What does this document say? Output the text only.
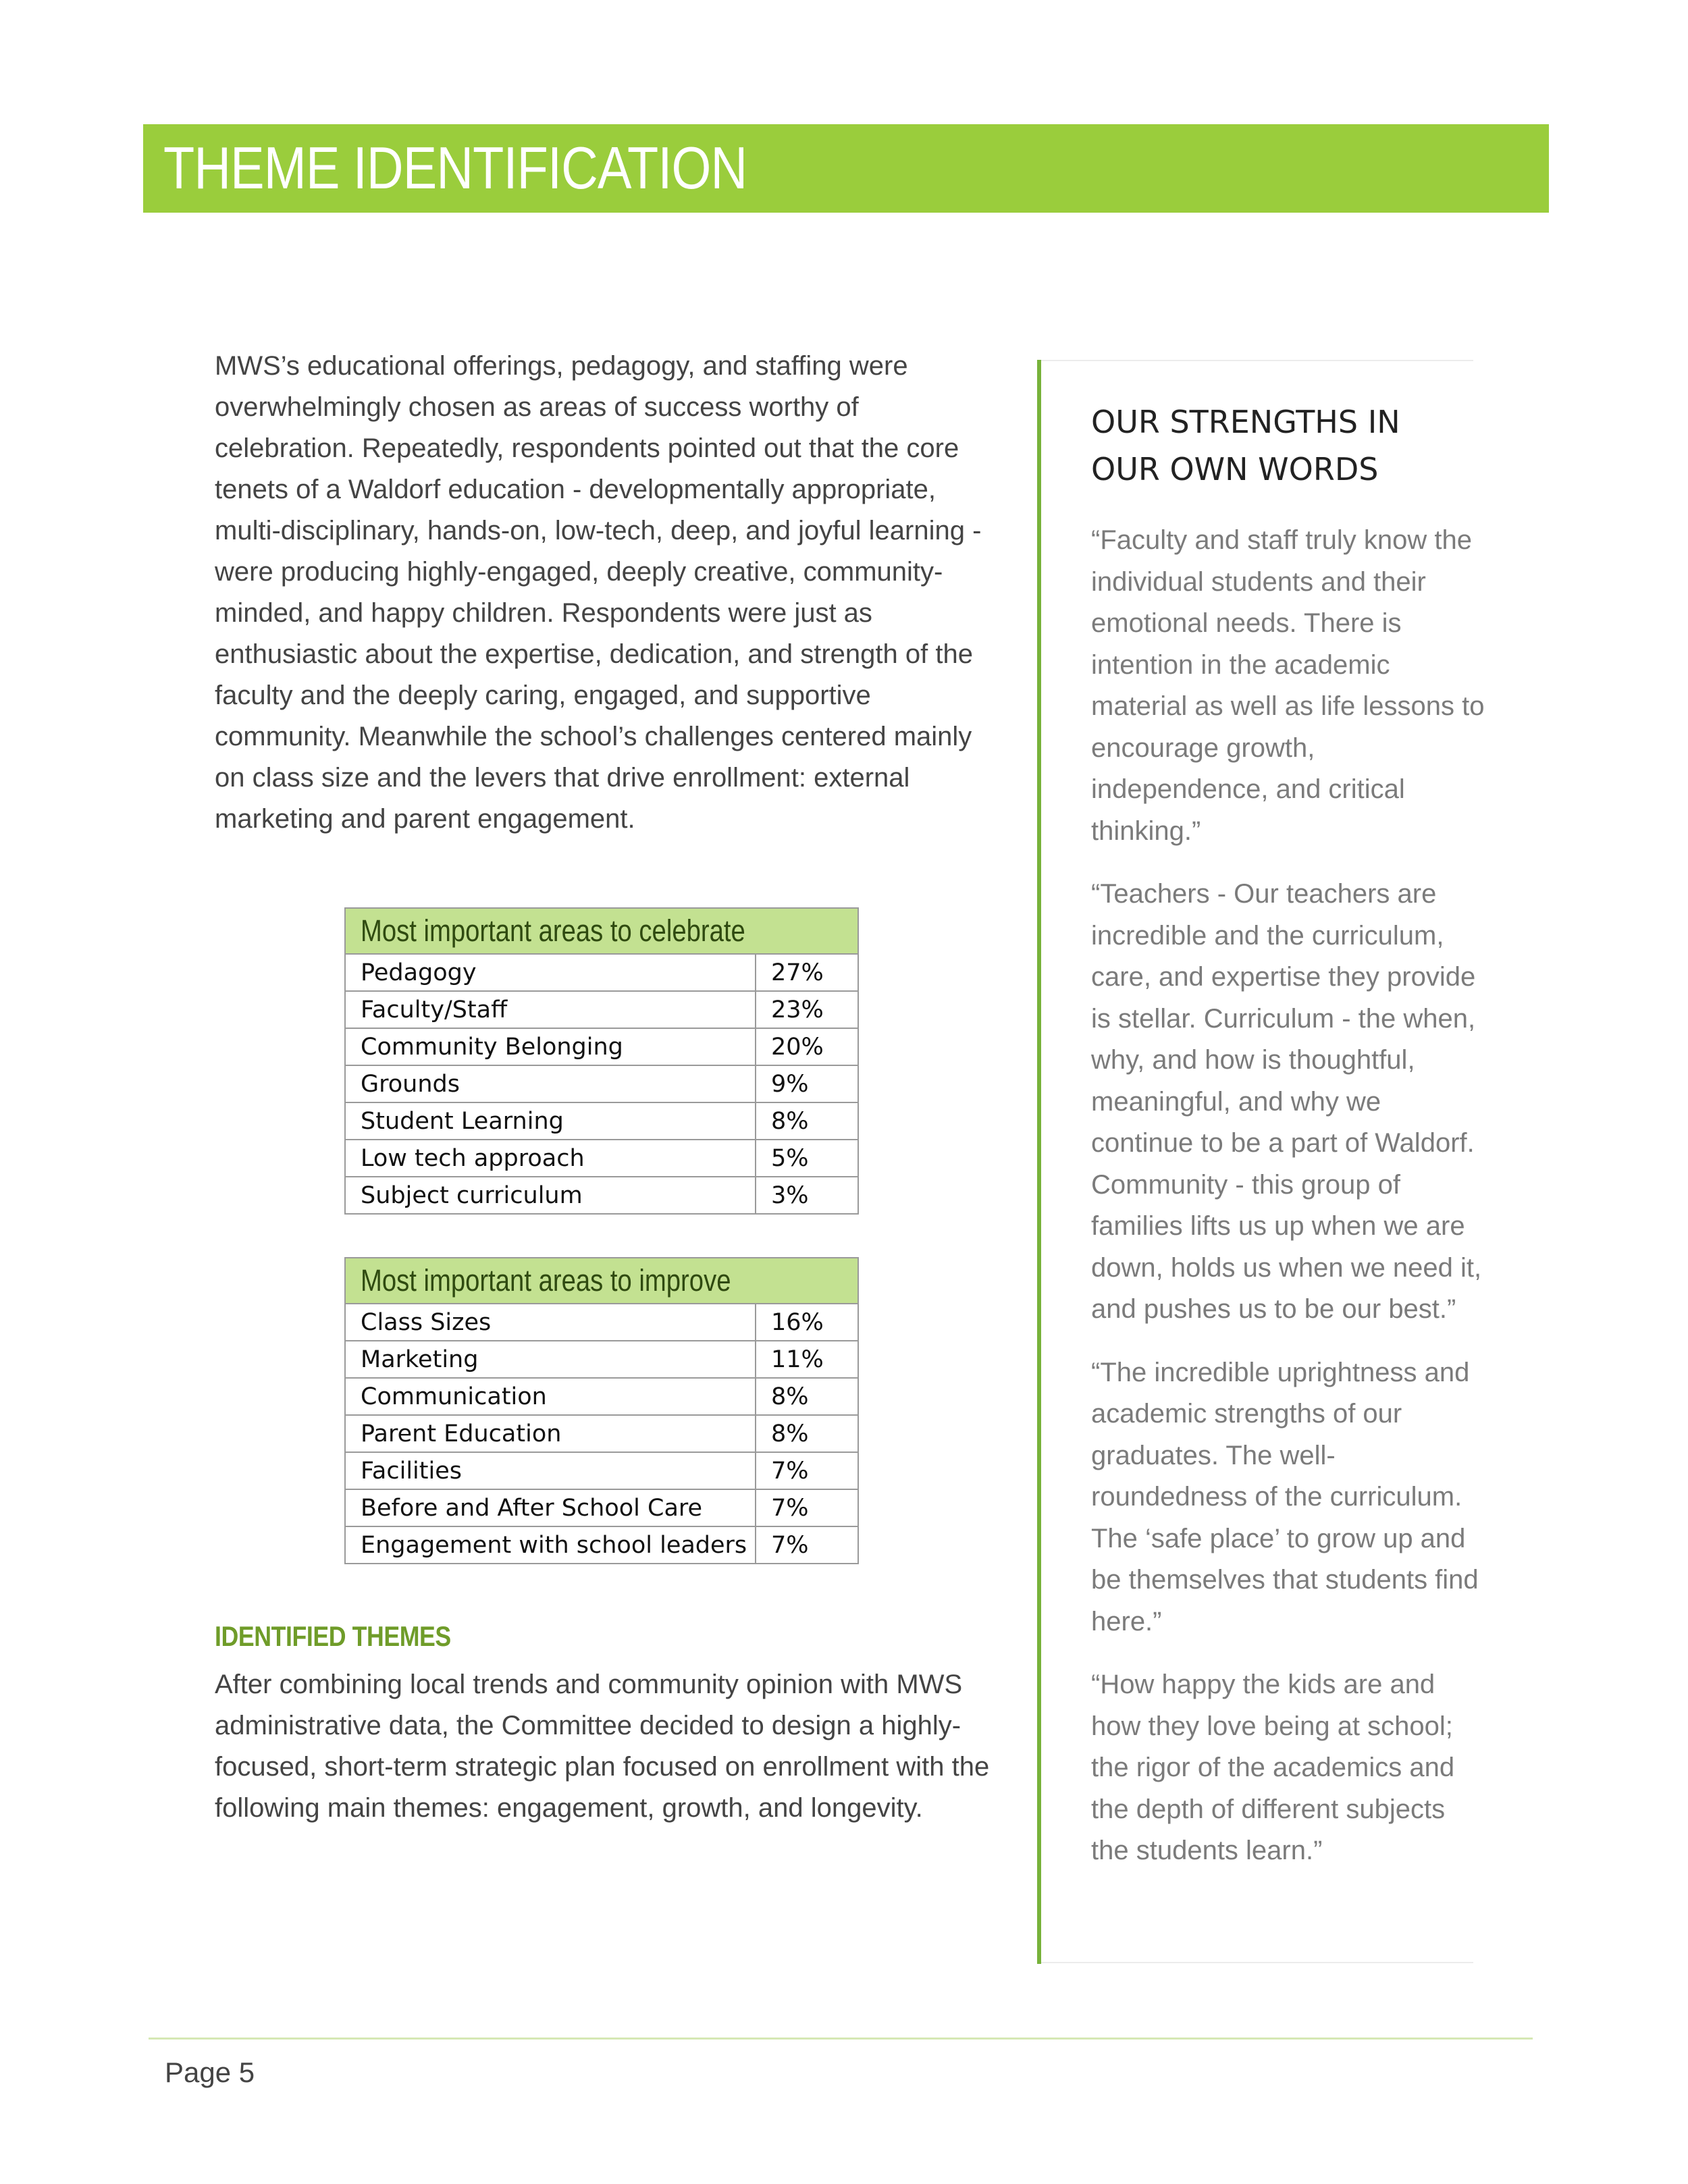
THEME IDENTIFICATION

MWS’s educational offerings, pedagogy, and staffing were overwhelmingly chosen as areas of success worthy of celebration. Repeatedly, respondents pointed out that the core tenets of a Waldorf education - developmentally appropriate, multi-disciplinary, hands-on, low-tech, deep, and joyful learning - were producing highly-engaged, deeply creative, community-minded, and happy children. Respondents were just as enthusiastic about the expertise, dedication, and strength of the faculty and the deeply caring, engaged, and supportive community. Meanwhile the school’s challenges centered mainly on class size and the levers that drive enrollment: external marketing and parent engagement.

Most important areas to celebrate	
Pedagogy	27%
Faculty/Staff	23%
Community Belonging	20%
Grounds	9%
Student Learning	8%
Low tech approach	5%
Subject curriculum	3%
Most important areas to improve	
Class Sizes	16%
Marketing	11%
Communication	8%
Parent Education	8%
Facilities	7%
Before and After School Care	7%
Engagement with school leaders	7%
IDENTIFIED THEMES

After combining local trends and community opinion with MWS administrative data, the Committee decided to design a highly-focused, short-term strategic plan focused on enrollment with the following main themes: engagement, growth, and longevity.

OUR STRENGTHS IN OUR OWN WORDS

“Faculty and staff truly know the individual students and their emotional needs. There is intention in the academic material as well as life lessons to encourage growth, independence, and critical thinking.”

“Teachers - Our teachers are incredible and the curriculum, care, and expertise they provide is stellar. Curriculum - the when, why, and how is thoughtful, meaningful, and why we continue to be a part of Waldorf. Community - this group of families lifts us up when we are down, holds us when we need it, and pushes us to be our best.”

“The incredible uprightness and academic strengths of our graduates. The well-roundedness of the curriculum. The ‘safe place’ to grow up and be themselves that students find here.”

“How happy the kids are and how they love being at school; the rigor of the academics and the depth of different subjects the students learn.”

Page 5
